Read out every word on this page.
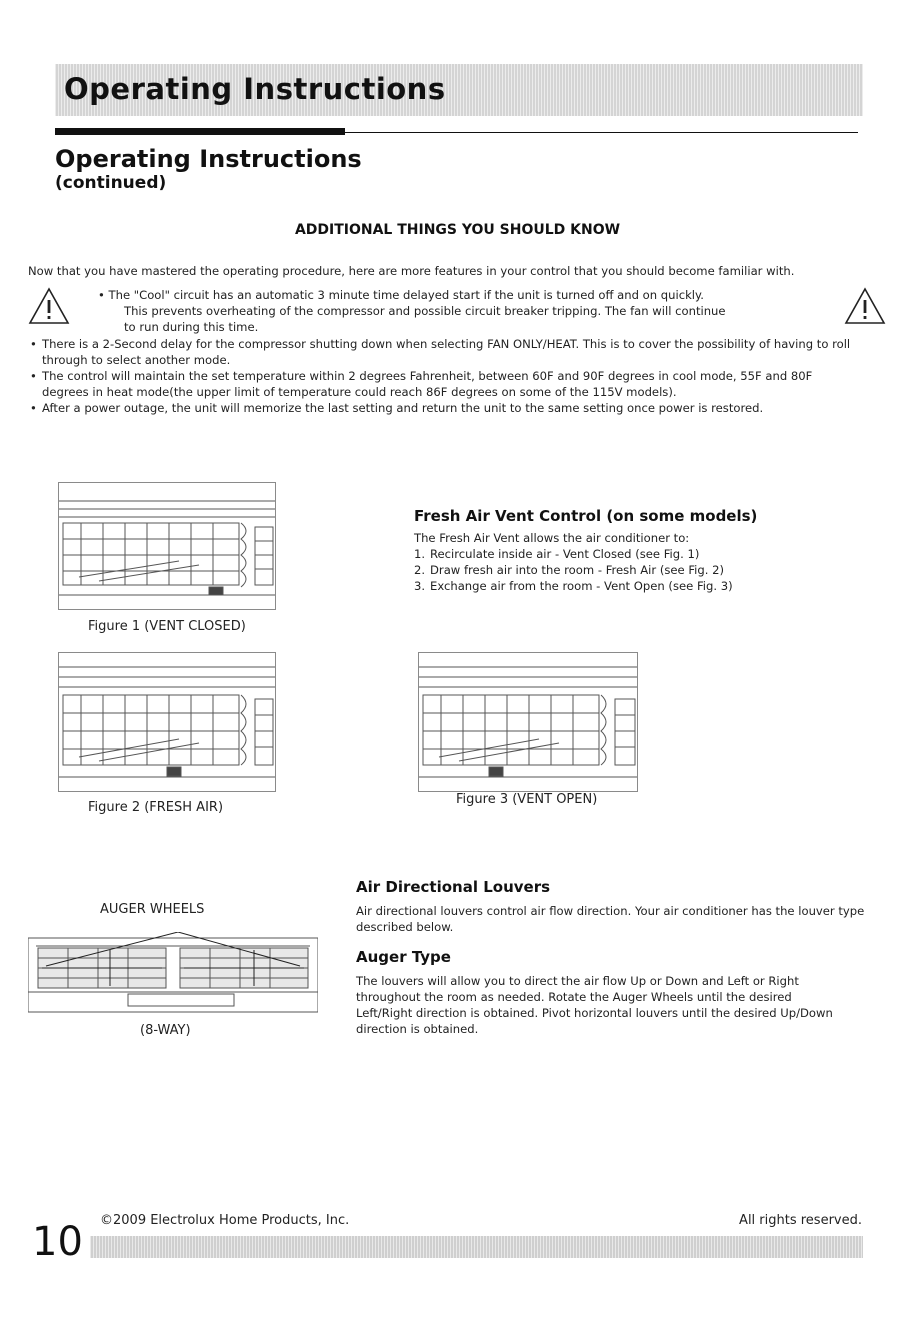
Operating Instructions
Operating Instructions
(continued)
ADDITIONAL THINGS YOU SHOULD KNOW
Now that you have mastered the operating procedure, here are more features in your control that you should become familiar with.
• The "Cool" circuit has an automatic 3 minute time delayed start if the unit is turned off and on quickly.
This prevents overheating of the compressor and possible circuit breaker tripping. The fan will continue
to run during this time.
• There is a 2-Second delay for the compressor shutting down when selecting FAN ONLY/HEAT. This is to cover the possibility of having to roll through to select another mode.
• The control will maintain the set temperature within 2 degrees Fahrenheit, between 60F and 90F degrees in cool mode, 55F and 80F degrees in heat mode(the upper limit of temperature could reach 86F degrees on some of the 115V models).
• After a power outage, the unit will memorize the last setting and return the unit to the same setting once power is restored.
Figure 1 (VENT CLOSED)
Fresh Air Vent Control (on some models)
The Fresh Air Vent allows the air conditioner to:
1. Recirculate inside air - Vent Closed (see Fig. 1)
2. Draw fresh air into the room - Fresh Air (see Fig. 2)
3. Exchange air from the room - Vent Open (see Fig. 3)
Figure 2 (FRESH AIR)
Figure 3 (VENT OPEN)
AUGER WHEELS
(8-WAY)
Air Directional Louvers
Air directional louvers control air flow direction. Your air conditioner has the louver type described below.
Auger Type
The louvers will allow you to direct the air flow Up or Down and Left or Right throughout the room as needed. Rotate the Auger Wheels until the desired Left/Right direction is obtained. Pivot horizontal louvers until the desired Up/Down direction is obtained.
10 ©2009 Electrolux Home Products, Inc.	All rights reserved.
